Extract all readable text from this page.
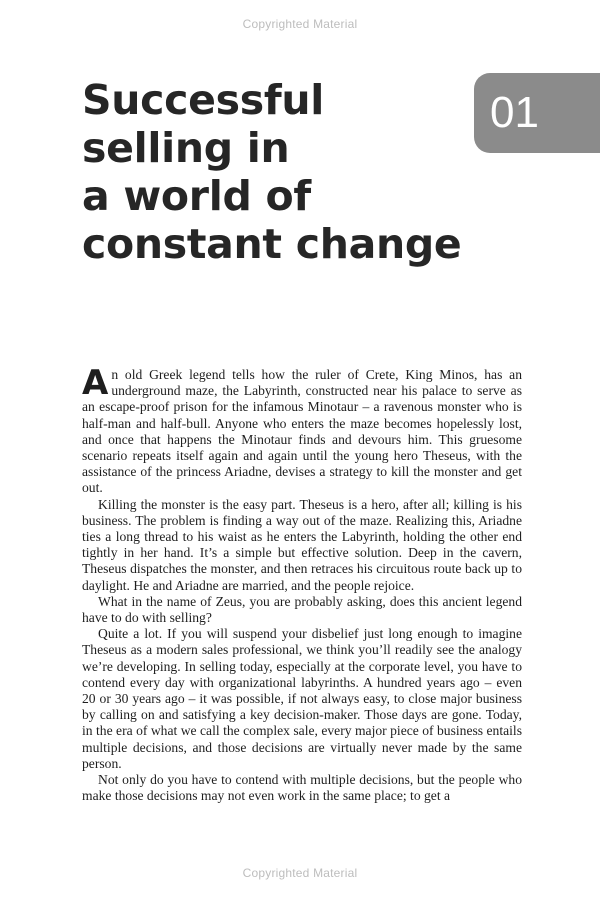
Copyrighted Material
Successful
selling in
a world of
constant change
01

An old Greek legend tells how the ruler of Crete, King Minos, has an underground maze, the Labyrinth, constructed near his palace to serve as an escape-proof prison for the infamous Minotaur – a ravenous monster who is half-man and half-bull. Anyone who enters the maze becomes hopelessly lost, and once that happens the Minotaur finds and devours him. This gruesome scenario repeats itself again and again until the young hero Theseus, with the assistance of the princess Ariadne, devises a strategy to kill the monster and get out.

Killing the monster is the easy part. Theseus is a hero, after all; killing is his business. The problem is finding a way out of the maze. Realizing this, Ariadne ties a long thread to his waist as he enters the Labyrinth, holding the other end tightly in her hand. It’s a simple but effective solution. Deep in the cavern, Theseus dispatches the monster, and then retraces his circuitous route back up to daylight. He and Ariadne are married, and the people rejoice.

What in the name of Zeus, you are probably asking, does this ancient legend have to do with selling?

Quite a lot. If you will suspend your disbelief just long enough to imagine Theseus as a modern sales professional, we think you’ll readily see the analogy we’re developing. In selling today, especially at the corporate level, you have to contend every day with organizational labyrinths. A hundred years ago – even 20 or 30 years ago – it was possible, if not always easy, to close major business by calling on and satisfying a key decision-maker. Those days are gone. Today, in the era of what we call the complex sale, every major piece of business entails multiple decisions, and those decisions are virtually never made by the same person.

Not only do you have to contend with multiple decisions, but the people who make those decisions may not even work in the same place; to get a

Copyrighted Material
